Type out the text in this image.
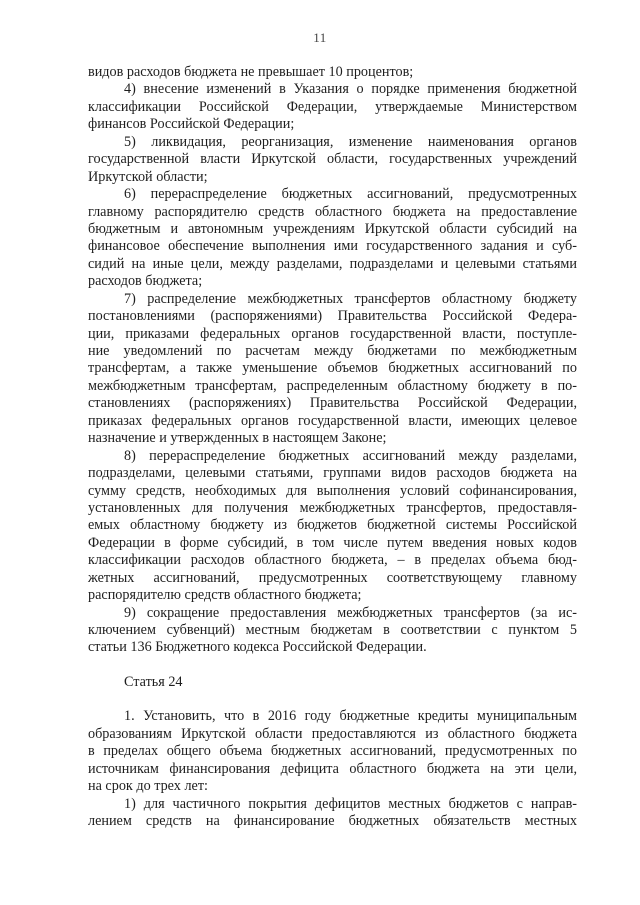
11
видов расходов бюджета не превышает 10 процентов;
4) внесение изменений в Указания о порядке применения бюджетной
классификации Российской Федерации, утверждаемые Министерством
финансов Российской Федерации;
5) ликвидация, реорганизация, изменение наименования органов
государственной власти Иркутской области, государственных учреждений
Иркутской области;
6) перераспределение бюджетных ассигнований, предусмотренных
главному распорядителю средств областного бюджета на предоставление
бюджетным и автономным учреждениям Иркутской области субсидий на
финансовое обеспечение выполнения ими государственного задания и суб-
сидий на иные цели, между разделами, подразделами и целевыми статьями
расходов бюджета;
7) распределение межбюджетных трансфертов областному бюджету
постановлениями (распоряжениями) Правительства Российской Федера-
ции, приказами федеральных органов государственной власти, поступле-
ние уведомлений по расчетам между бюджетами по межбюджетным
трансфертам, а также уменьшение объемов бюджетных ассигнований по
межбюджетным трансфертам, распределенным областному бюджету в по-
становлениях (распоряжениях) Правительства Российской Федерации,
приказах федеральных органов государственной власти, имеющих целевое
назначение и утвержденных в настоящем Законе;
8) перераспределение бюджетных ассигнований между разделами,
подразделами, целевыми статьями, группами видов расходов бюджета на
сумму средств, необходимых для выполнения условий софинансирования,
установленных для получения межбюджетных трансфертов, предоставля-
емых областному бюджету из бюджетов бюджетной системы Российской
Федерации в форме субсидий, в том числе путем введения новых кодов
классификации расходов областного бюджета, – в пределах объема бюд-
жетных ассигнований, предусмотренных соответствующему главному
распорядителю средств областного бюджета;
9) сокращение предоставления межбюджетных трансфертов (за ис-
ключением субвенций) местным бюджетам в соответствии с пунктом 5
статьи 136 Бюджетного кодекса Российской Федерации.
Статья 24
1. Установить, что в 2016 году бюджетные кредиты муниципальным
образованиям Иркутской области предоставляются из областного бюджета
в пределах общего объема бюджетных ассигнований, предусмотренных по
источникам финансирования дефицита областного бюджета на эти цели,
на срок до трех лет:
1) для частичного покрытия дефицитов местных бюджетов с направ-
лением средств на финансирование бюджетных обязательств местных
